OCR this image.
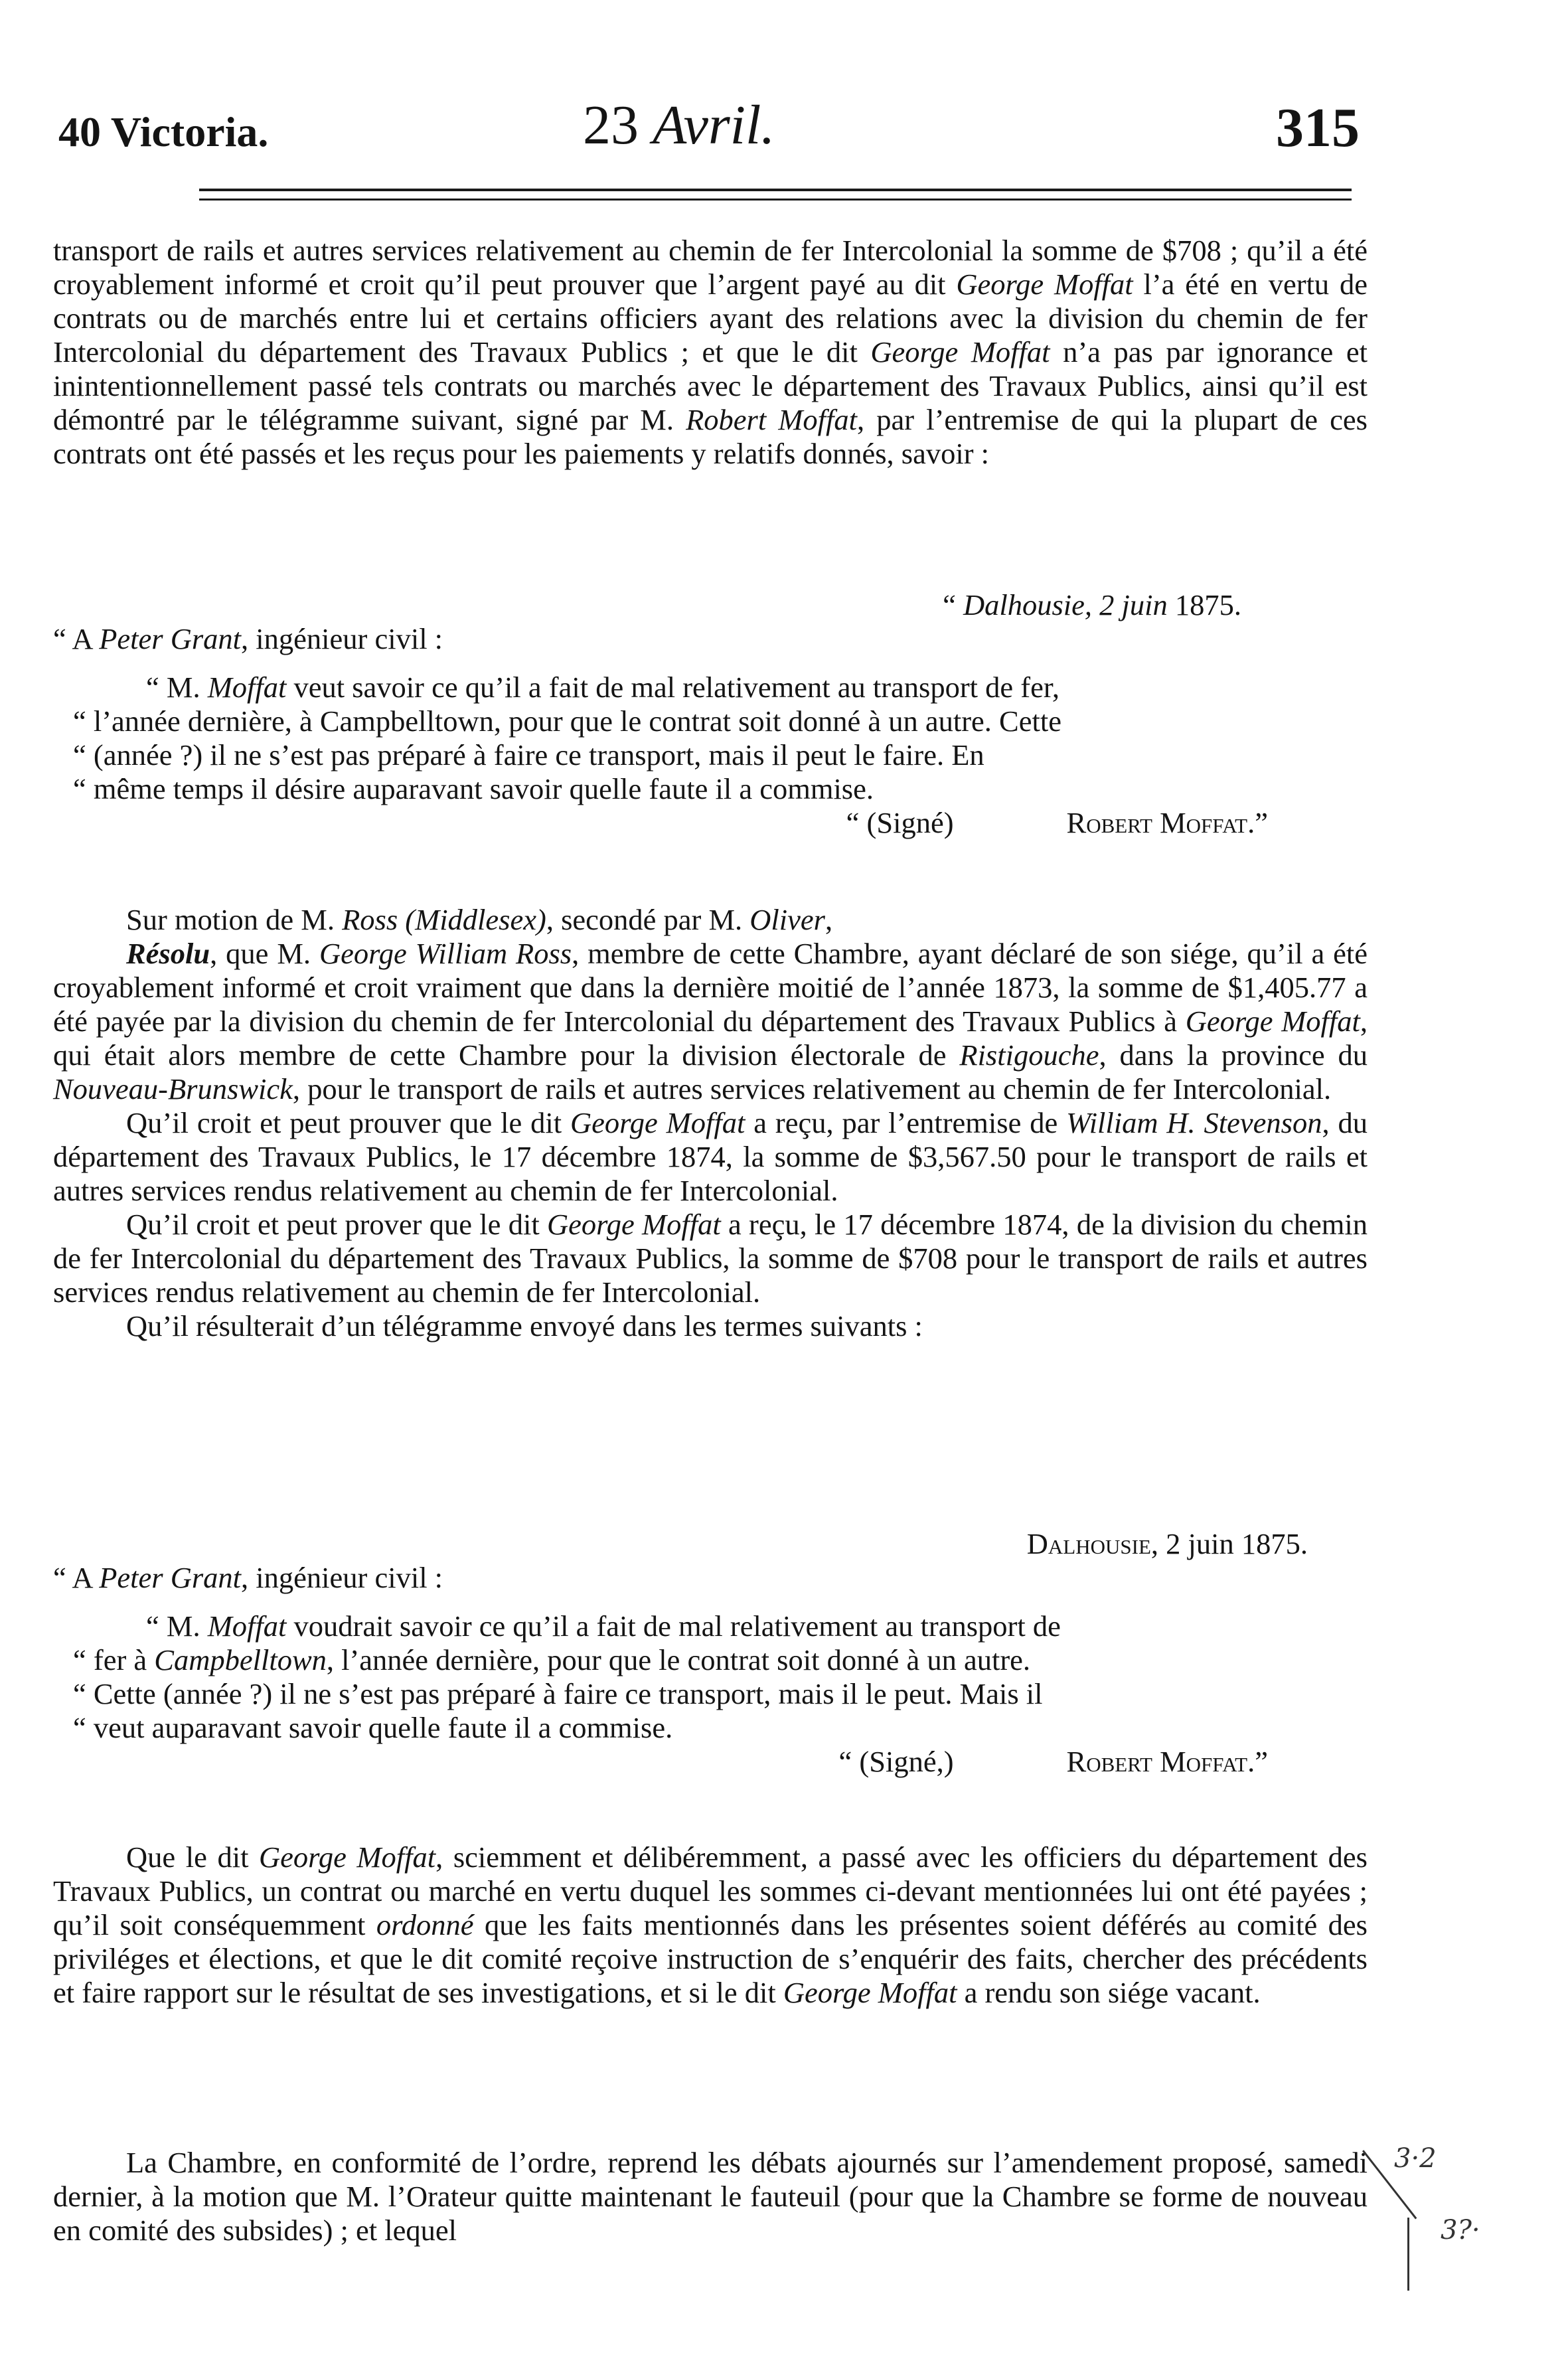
40 Victoria.	23 Avril.	315

transport de rails et autres services relativement au chemin de fer Intercolonial la somme de $708 ; qu’il a été croyablement informé et croit qu’il peut prouver que l’argent payé au dit George Moffat l’a été en vertu de contrats ou de marchés entre lui et certains officiers ayant des relations avec la division du chemin de fer Intercolonial du département des Travaux Publics ; et que le dit George Moffat n’a pas par ignorance et inintentionnellement passé tels contrats ou marchés avec le département des Travaux Publics, ainsi qu’il est démontré par le télégramme suivant, signé par M. Robert Moffat, par l’entremise de qui la plupart de ces contrats ont été passés et les reçus pour les paiements y relatifs donnés, savoir :

“ Dalhousie, 2 juin 1875.

“ A Peter Grant, ingénieur civil :

“ M. Moffat veut savoir ce qu’il a fait de mal relativement au transport de fer,

“ l’année dernière, à Campbelltown, pour que le contrat soit donné à un autre. Cette

“ (année ?) il ne s’est pas préparé à faire ce transport, mais il peut le faire. En

“ même temps il désire auparavant savoir quelle faute il a commise.

“ (Signé)	Robert Moffat.”

Sur motion de M. Ross (Middlesex), secondé par M. Oliver,

Résolu, que M. George William Ross, membre de cette Chambre, ayant déclaré de son siége, qu’il a été croyablement informé et croit vraiment que dans la dernière moitié de l’année 1873, la somme de $1,405.77 a été payée par la division du chemin de fer Intercolonial du département des Travaux Publics à George Moffat, qui était alors membre de cette Chambre pour la division électorale de Ristigouche, dans la province du Nouveau-Brunswick, pour le transport de rails et autres services relativement au chemin de fer Intercolonial.

Qu’il croit et peut prouver que le dit George Moffat a reçu, par l’entremise de William H. Stevenson, du département des Travaux Publics, le 17 décembre 1874, la somme de $3,567.50 pour le transport de rails et autres services rendus relativement au chemin de fer Intercolonial.

Qu’il croit et peut prover que le dit George Moffat a reçu, le 17 décembre 1874, de la division du chemin de fer Intercolonial du département des Travaux Publics, la somme de $708 pour le transport de rails et autres services rendus relativement au chemin de fer Intercolonial.

Qu’il résulterait d’un télégramme envoyé dans les termes suivants :

Dalhousie, 2 juin 1875.

“ A Peter Grant, ingénieur civil :

“ M. Moffat voudrait savoir ce qu’il a fait de mal relativement au transport de

“ fer à Campbelltown, l’année dernière, pour que le contrat soit donné à un autre.

“ Cette (année ?) il ne s’est pas préparé à faire ce transport, mais il le peut. Mais il

“ veut auparavant savoir quelle faute il a commise.

“ (Signé,)	Robert Moffat.”

Que le dit George Moffat, sciemment et délibéremment, a passé avec les officiers du département des Travaux Publics, un contrat ou marché en vertu duquel les sommes ci-devant mentionnées lui ont été payées ; qu’il soit conséquemment ordonné que les faits mentionnés dans les présentes soient déférés au comité des priviléges et élections, et que le dit comité reçoive instruction de s’enquérir des faits, chercher des précédents et faire rapport sur le résultat de ses investigations, et si le dit George Moffat a rendu son siége vacant.

La Chambre, en conformité de l’ordre, reprend les débats ajournés sur l’amendement proposé, samedi dernier, à la motion que M. l’Orateur quitte maintenant le fauteuil (pour que la Chambre se forme de nouveau en comité des subsides) ; et lequel

3·2
3?·
